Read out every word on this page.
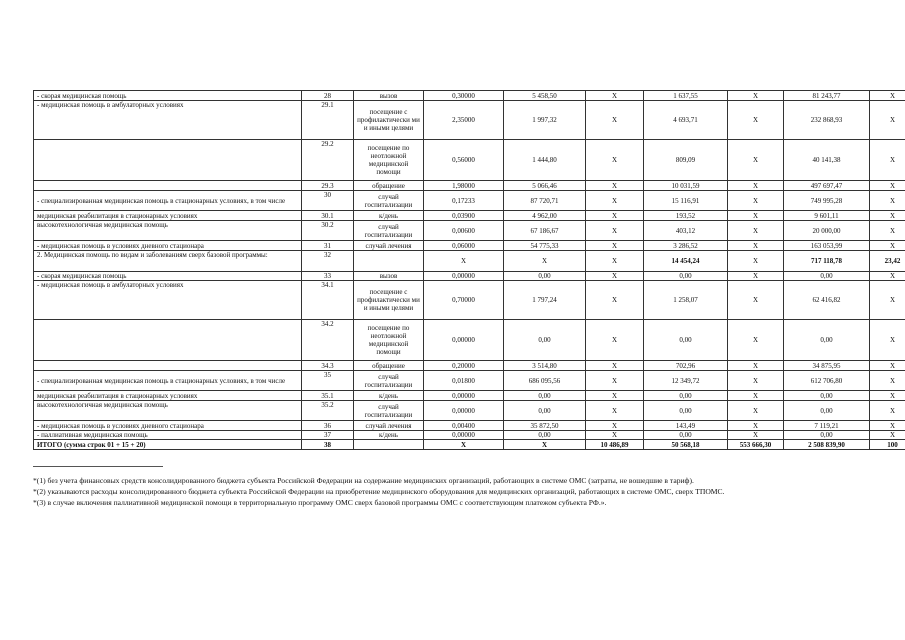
- скорая медицинская помощь	28	вызов	0,30000	5 458,50	Х	1 637,55	Х	81 243,77	Х
- медицинская помощь в амбулаторных условиях	29.1	посещение с профилактически ми и иными целями	2,35000	1 997,32	Х	4 693,71	Х	232 868,93	Х
	29.2	посещение по неотложной медицинской помощи	0,56000	1 444,80	Х	809,09	Х	40 141,38	Х
	29.3	обращение	1,98000	5 066,46	Х	10 031,59	Х	497 697,47	Х
- специализированная медицинская помощь в стационарных условиях, в том числе	30	случай госпитализации	0,17233	87 720,71	Х	15 116,91	Х	749 995,28	Х
медицинская реабилитация в стационарных условиях	30.1	к/день	0,03900	4 962,00	Х	193,52	Х	9 601,11	Х
высокотехнологичная медицинская помощь	30.2	случай госпитализации	0,00600	67 186,67	Х	403,12	Х	20 000,00	Х
- медицинская помощь в условиях дневного стационара	31	случай лечения	0,06000	54 775,33	Х	3 286,52	Х	163 053,99	Х
2. Медицинская помощь по видам и заболеваниям сверх базовой программы:	32		Х	Х	Х	14 454,24	Х	717 118,78	23,42
- скорая медицинская помощь	33	вызов	0,00000	0,00	Х	0,00	Х	0,00	Х
- медицинская помощь в амбулаторных условиях	34.1	посещение с профилактически ми и иными целями	0,70000	1 797,24	Х	1 258,07	Х	62 416,82	Х
	34.2	посещение по неотложной медицинской помощи	0,00000	0,00	Х	0,00	Х	0,00	Х
	34.3	обращение	0,20000	3 514,80	Х	702,96	Х	34 875,95	Х
- специализированная медицинская помощь в стационарных условиях, в том числе	35	случай госпитализации	0,01800	686 095,56	Х	12 349,72	Х	612 706,80	Х
медицинская реабилитация в стационарных условиях	35.1	к/день	0,00000	0,00	Х	0,00	Х	0,00	Х
высокотехнологичная медицинская помощь	35.2	случай госпитализации	0,00000	0,00	Х	0,00	Х	0,00	Х
- медицинская помощь в условиях дневного стационара	36	случай лечения	0,00400	35 872,50	Х	143,49	Х	7 119,21	Х
- паллиативная медицинская помощь	37	к/день	0,00000	0,00	Х	0,00	Х	0,00	Х
ИТОГО (сумма строк 01 + 15 + 20)	38		Х	Х	10 486,89	50 568,18	553 666,30	2 508 839,90	100

*(1) без учета финансовых средств консолидированного бюджета субъекта Российской Федерации на содержание медицинских организаций, работающих в системе ОМС (затраты, не вошедшие в тариф).

*(2) указываются расходы консолидированного бюджета субъекта Российской Федерации на приобретение медицинского оборудования для медицинских организаций, работающих в системе ОМС, сверх ТПОМС.

*(3) в случае включения паллиативной медицинской помощи в территориальную программу ОМС сверх базовой программы ОМС с соответствующим платежом субъекта РФ.».
